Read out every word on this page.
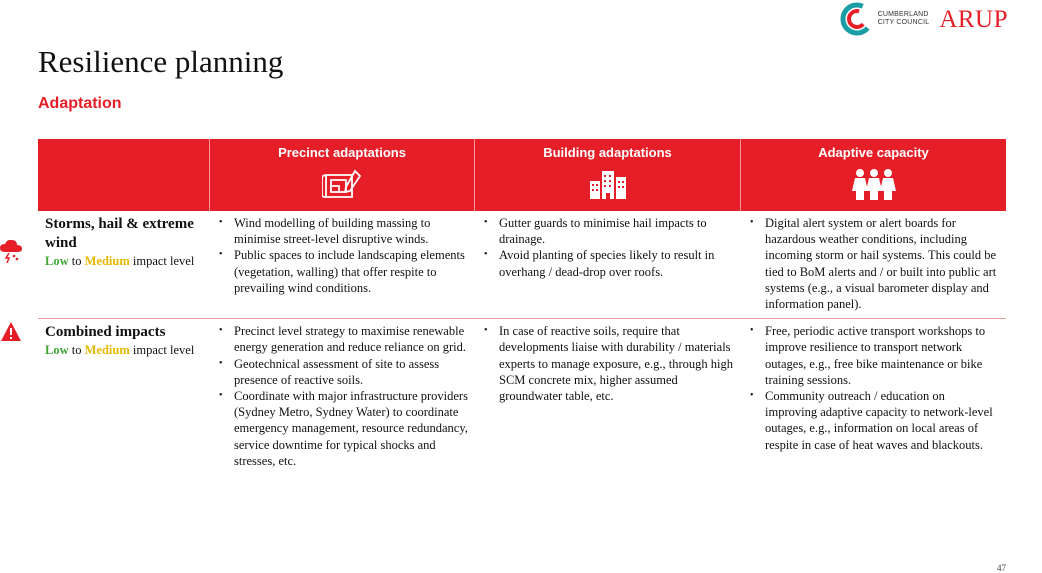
CUMBERLAND
CITY COUNCIL ARUP
Resilience planning
Adaptation
Precinct adaptations	Building adaptations	Adaptive capacity
Storms, hail & extreme wind
Low to Medium impact level
• Wind modelling of building massing to minimise street-level disruptive winds.
• Public spaces to include landscaping elements (vegetation, walling) that offer respite to prevailing wind conditions.
• Gutter guards to minimise hail impacts to drainage.
• Avoid planting of species likely to result in overhang / dead-drop over roofs.
• Digital alert system or alert boards for hazardous weather conditions, including incoming storm or hail systems. This could be tied to BoM alerts and / or built into public art systems (e.g., a visual barometer display and information panel).
Combined impacts
Low to Medium impact level
• Precinct level strategy to maximise renewable energy generation and reduce reliance on grid.
• Geotechnical assessment of site to assess presence of reactive soils.
• Coordinate with major infrastructure providers (Sydney Metro, Sydney Water) to coordinate emergency management, resource redundancy, service downtime for typical shocks and stresses, etc.
• In case of reactive soils, require that developments liaise with durability / materials experts to manage exposure, e.g., through high SCM concrete mix, higher assumed groundwater table, etc.
• Free, periodic active transport workshops to improve resilience to transport network outages, e.g., free bike maintenance or bike training sessions.
• Community outreach / education on improving adaptive capacity to network-level outages, e.g., information on local areas of respite in case of heat waves and blackouts.
47
